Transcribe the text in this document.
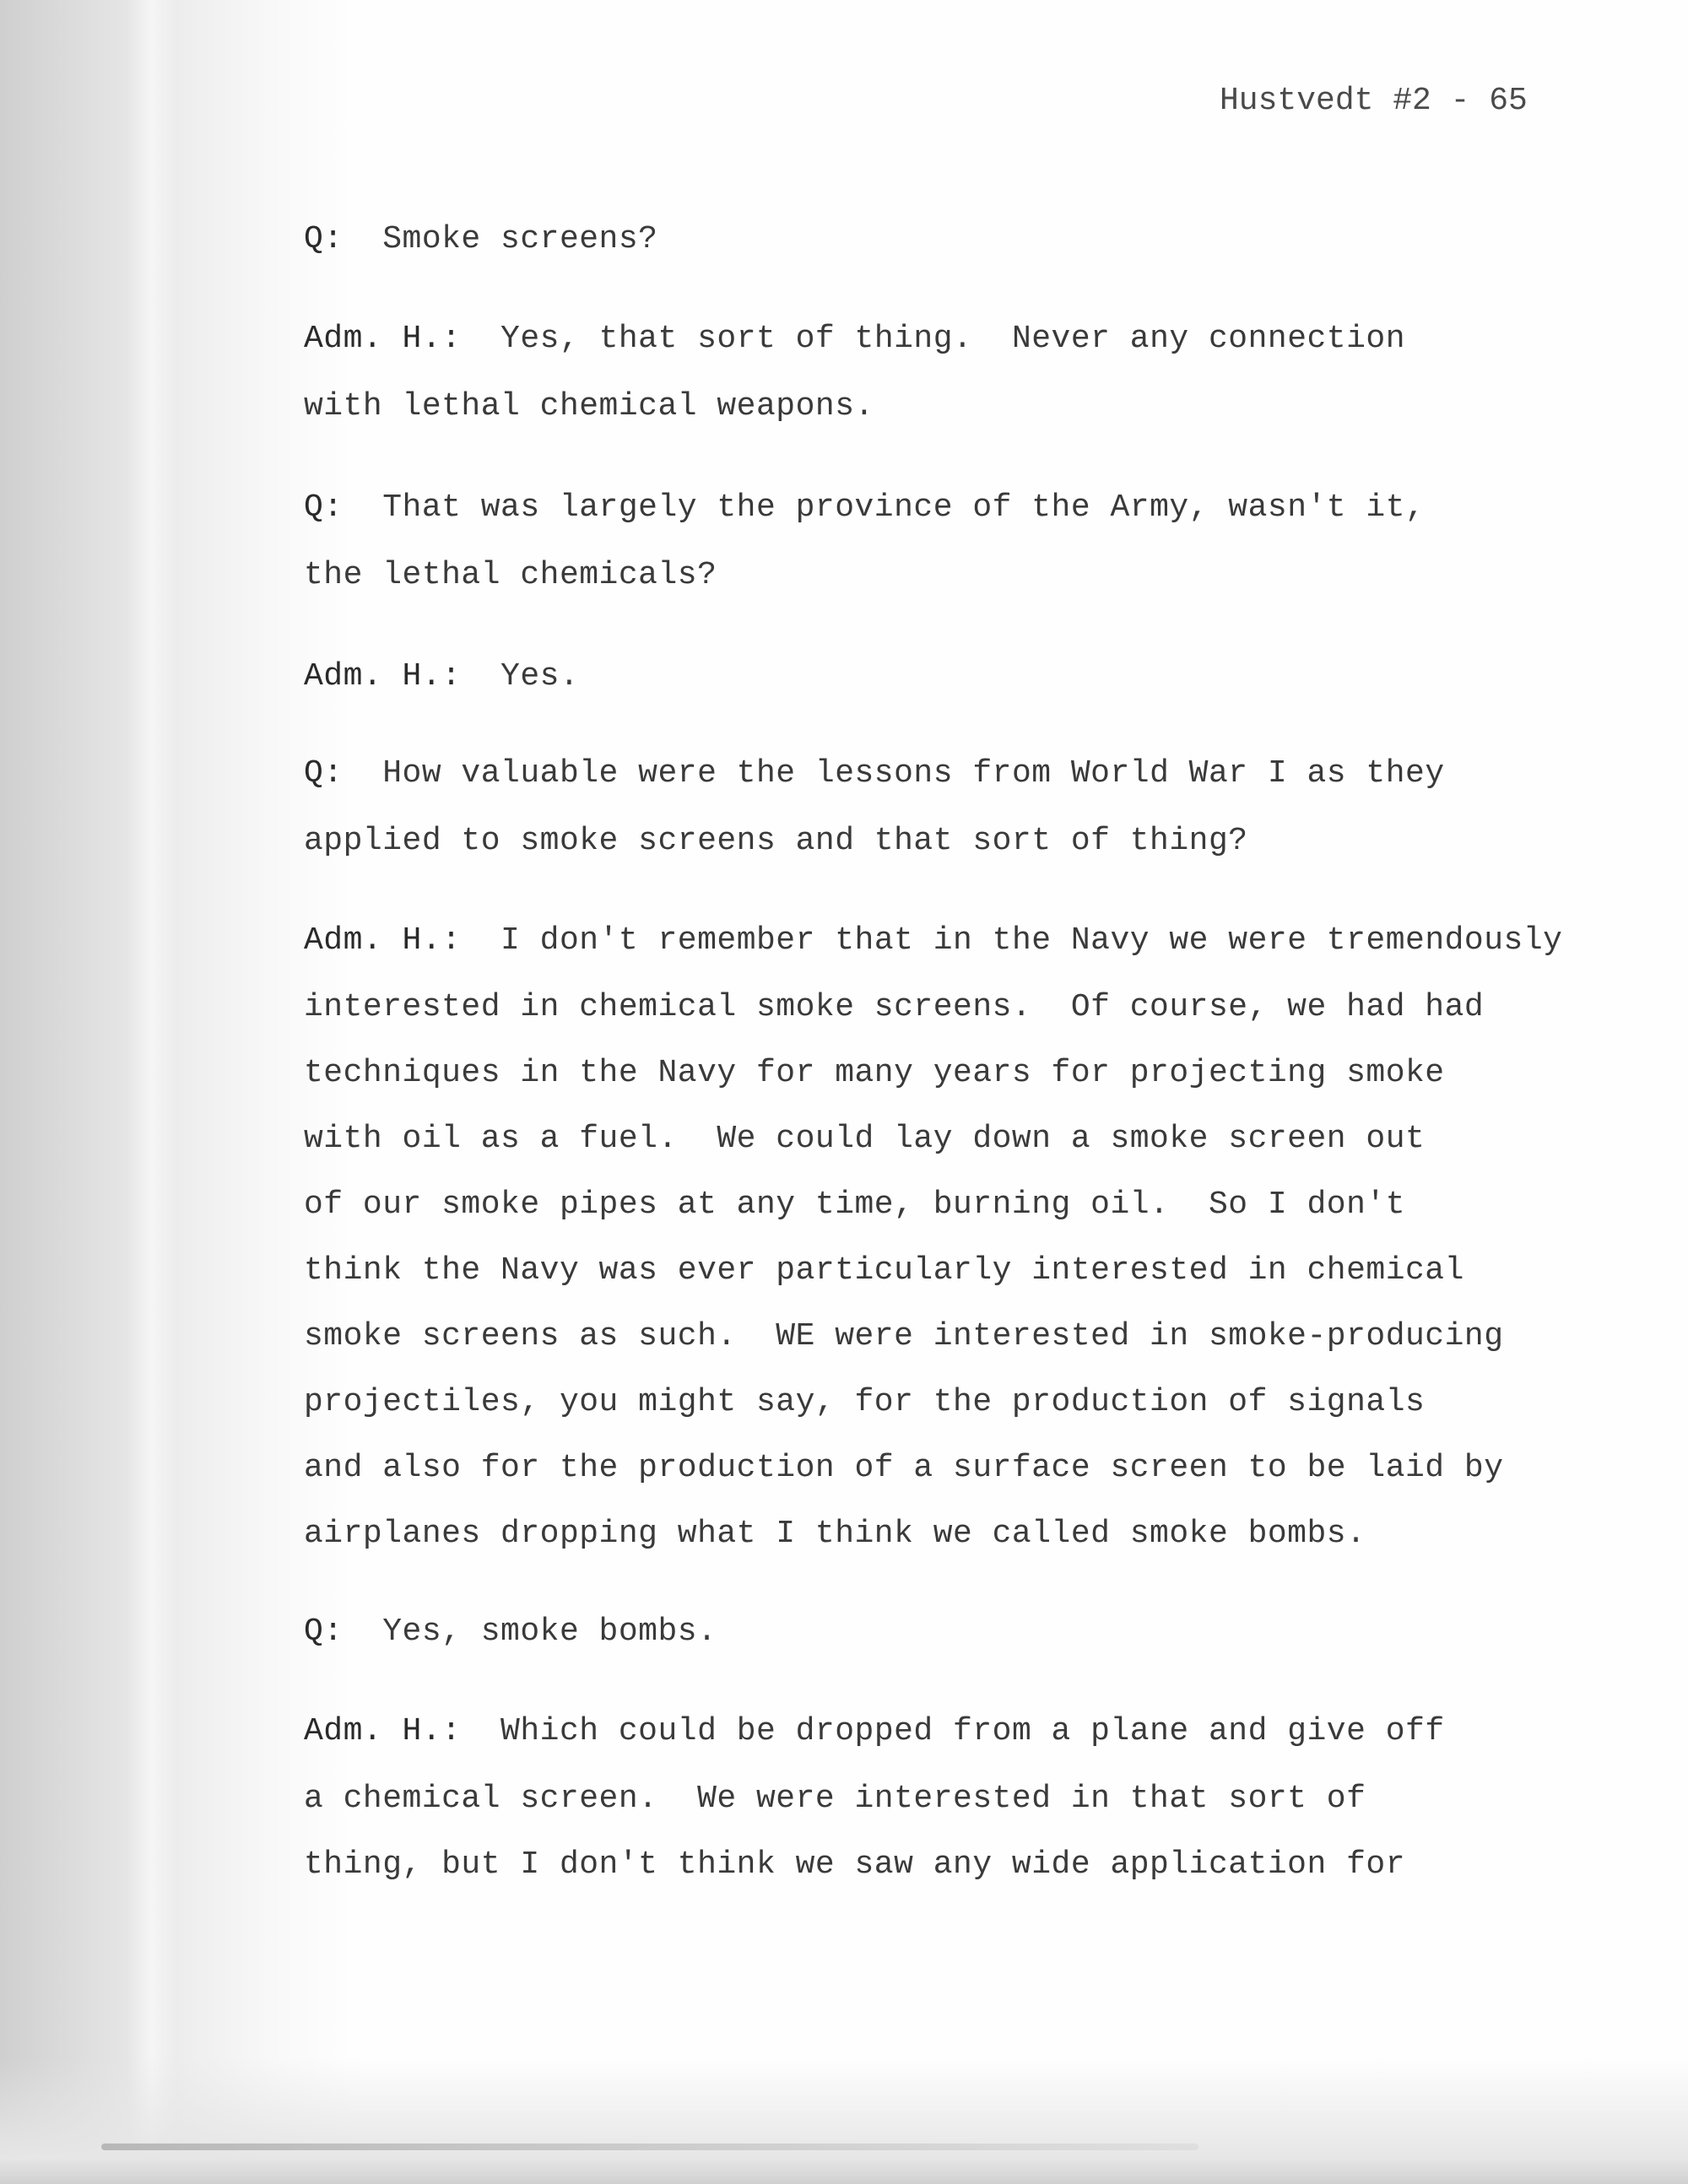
Hustvedt #2 - 65
Q: Smoke screens?
Adm. H.: Yes, that sort of thing.  Never any connection
with lethal chemical weapons.
Q: That was largely the province of the Army, wasn't it,
the lethal chemicals?
Adm. H.: Yes.
Q: How valuable were the lessons from World War I as they
applied to smoke screens and that sort of thing?
Adm. H.: I don't remember that in the Navy we were tremendously
interested in chemical smoke screens.  Of course, we had had
techniques in the Navy for many years for projecting smoke
with oil as a fuel.  We could lay down a smoke screen out
of our smoke pipes at any time, burning oil.  So I don't
think the Navy was ever particularly interested in chemical
smoke screens as such.  WE were interested in smoke-producing
projectiles, you might say, for the production of signals
and also for the production of a surface screen to be laid by
airplanes dropping what I think we called smoke bombs.
Q: Yes, smoke bombs.
Adm. H.: Which could be dropped from a plane and give off
a chemical screen.  We were interested in that sort of
thing, but I don't think we saw any wide application for
